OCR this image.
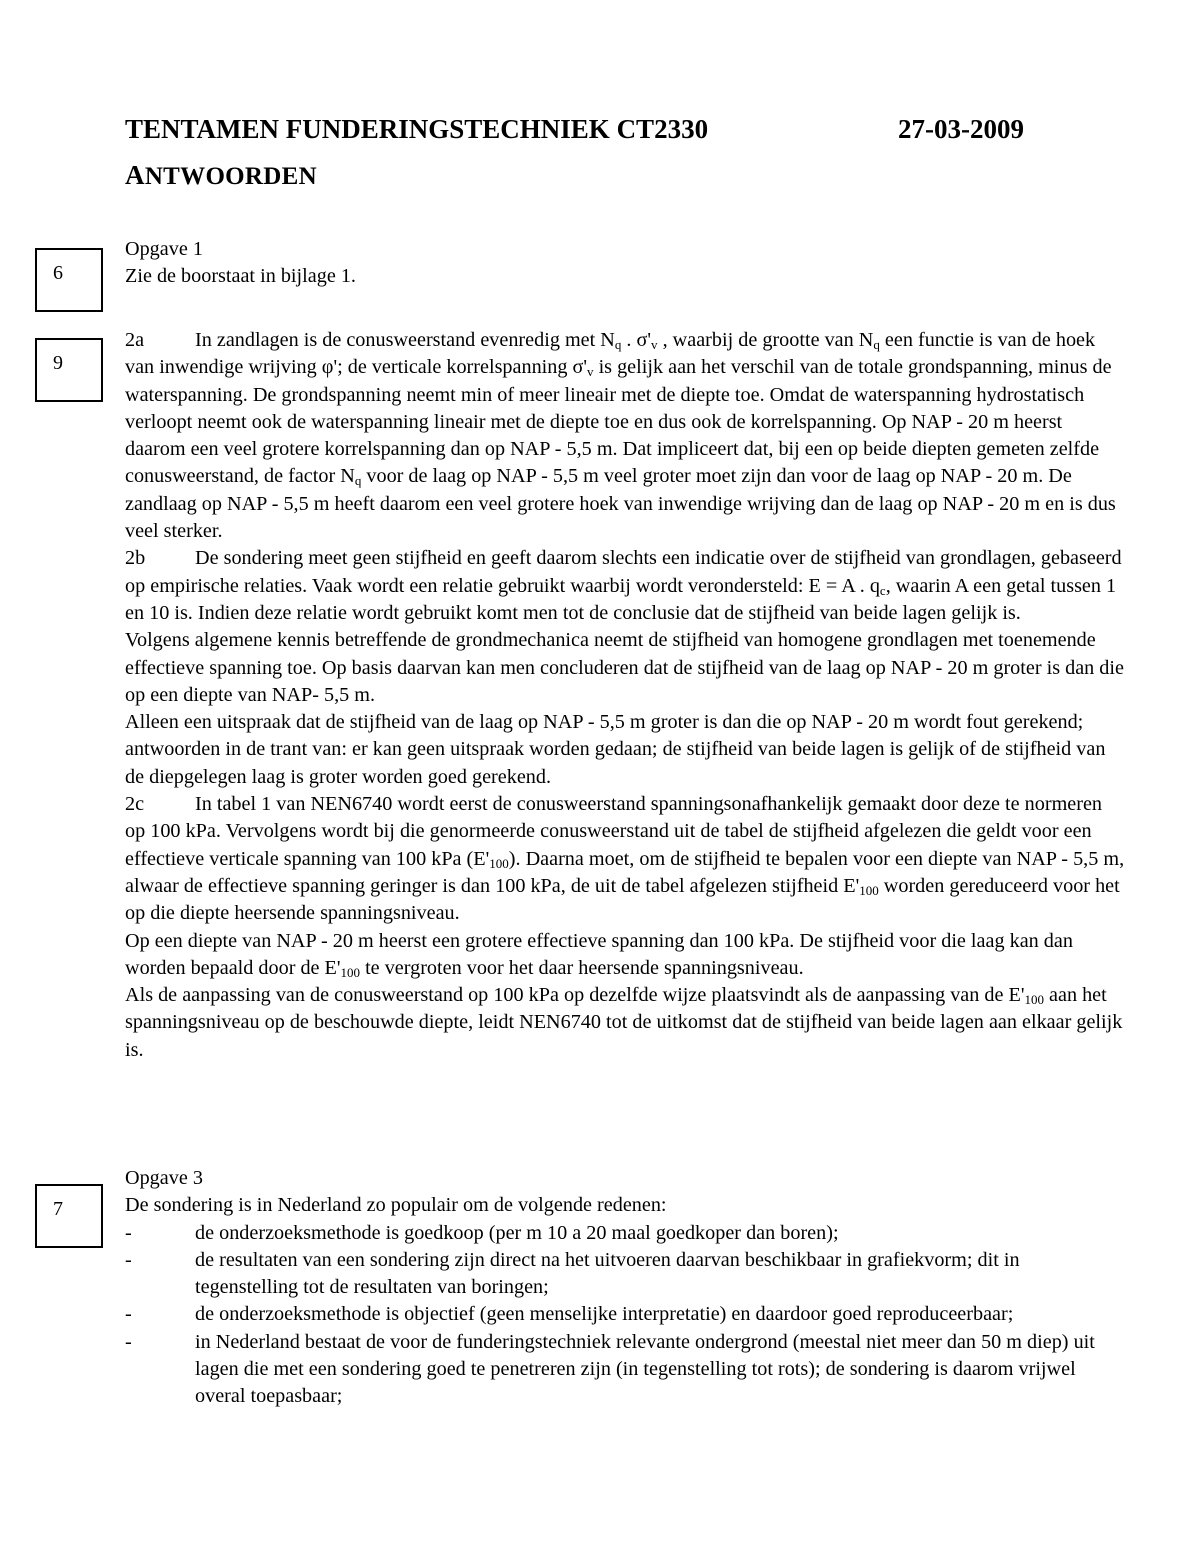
TENTAMEN FUNDERINGSTECHNIEK CT2330	27-03-2009
ANTWOORDEN
6
9
7

Opgave 1

Zie de boorstaat in bijlage 1.

2a	In zandlagen is de conusweerstand evenredig met $N_q$ . $\sigma'_v$ , waarbij de grootte van $N_q$ een functie is van de hoek van inwendige wrijving φ'; de verticale korrelspanning $\sigma'_v$ is gelijk aan het verschil van de totale grondspanning, minus de waterspanning. De grondspanning neemt min of meer lineair met de diepte toe. Omdat de waterspanning hydrostatisch verloopt neemt ook de waterspanning lineair met de diepte toe en dus ook de korrelspanning. Op NAP - 20 m heerst daarom een veel grotere korrelspanning dan op NAP - 5,5 m. Dat impliceert dat, bij een op beide diepten gemeten zelfde conusweerstand, de factor $N_q$ voor de laag op NAP - 5,5 m veel groter moet zijn dan voor de laag op NAP - 20 m. De zandlaag op NAP - 5,5 m heeft daarom een veel grotere hoek van inwendige wrijving dan de laag op NAP - 20 m en is dus veel sterker.

2b De sondering meet geen stijfheid en geeft daarom slechts een indicatie over de stijfheid van grondlagen, gebaseerd op empirische relaties. Vaak wordt een relatie gebruikt waarbij wordt verondersteld: E = A . $q_c$, waarin A een getal tussen 1 en 10 is. Indien deze relatie wordt gebruikt komt men tot de conclusie dat de stijfheid van beide lagen gelijk is.

Volgens algemene kennis betreffende de grondmechanica neemt de stijfheid van homogene grondlagen met toenemende effectieve spanning toe. Op basis daarvan kan men concluderen dat de stijfheid van de laag op NAP - 20 m groter is dan die op een diepte van NAP- 5,5 m.

Alleen een uitspraak dat de stijfheid van de laag op NAP - 5,5 m groter is dan die op NAP - 20 m wordt fout gerekend; antwoorden in de trant van: er kan geen uitspraak worden gedaan; de stijfheid van beide lagen is gelijk of de stijfheid van de diepgelegen laag is groter worden goed gerekend.

2c	In tabel 1 van NEN6740 wordt eerst de conusweerstand spanningsonafhankelijk gemaakt door deze te normeren op 100 kPa. Vervolgens wordt bij die genormeerde conusweerstand uit de tabel de stijfheid afgelezen die geldt voor een effectieve verticale spanning van 100 kPa $(E'_{100})$. Daarna moet, om de stijfheid te bepalen voor een diepte van NAP - 5,5 m, alwaar de effectieve spanning geringer is dan 100 kPa, de uit de tabel afgelezen stijfheid $E'_{100}$ worden gereduceerd voor het op die diepte heersende spanningsniveau.

Op een diepte van NAP - 20 m heerst een grotere effectieve spanning dan 100 kPa. De stijfheid voor die laag kan dan worden bepaald door de $E'_{100}$ te vergroten voor het daar heersende spanningsniveau.

Als de aanpassing van de conusweerstand op 100 kPa op dezelfde wijze plaatsvindt als de aanpassing van de $E'_{100}$ aan het spanningsniveau op de beschouwde diepte, leidt NEN6740 tot de uitkomst dat de stijfheid van beide lagen aan elkaar gelijk is.

Opgave 3

De sondering is in Nederland zo populair om de volgende redenen:

-	de onderzoeksmethode is goedkoop (per m 10 a 20 maal goedkoper dan boren);
-	de resultaten van een sondering zijn direct na het uitvoeren daarvan beschikbaar in grafiekvorm; dit in tegenstelling tot de resultaten van boringen;
-	de onderzoeksmethode is objectief (geen menselijke interpretatie) en daardoor goed reproduceerbaar;
-	in Nederland bestaat de voor de funderingstechniek relevante ondergrond (meestal niet meer dan 50 m diep) uit lagen die met een sondering goed te penetreren zijn (in tegenstelling tot rots); de sondering is daarom vrijwel overal toepasbaar;
